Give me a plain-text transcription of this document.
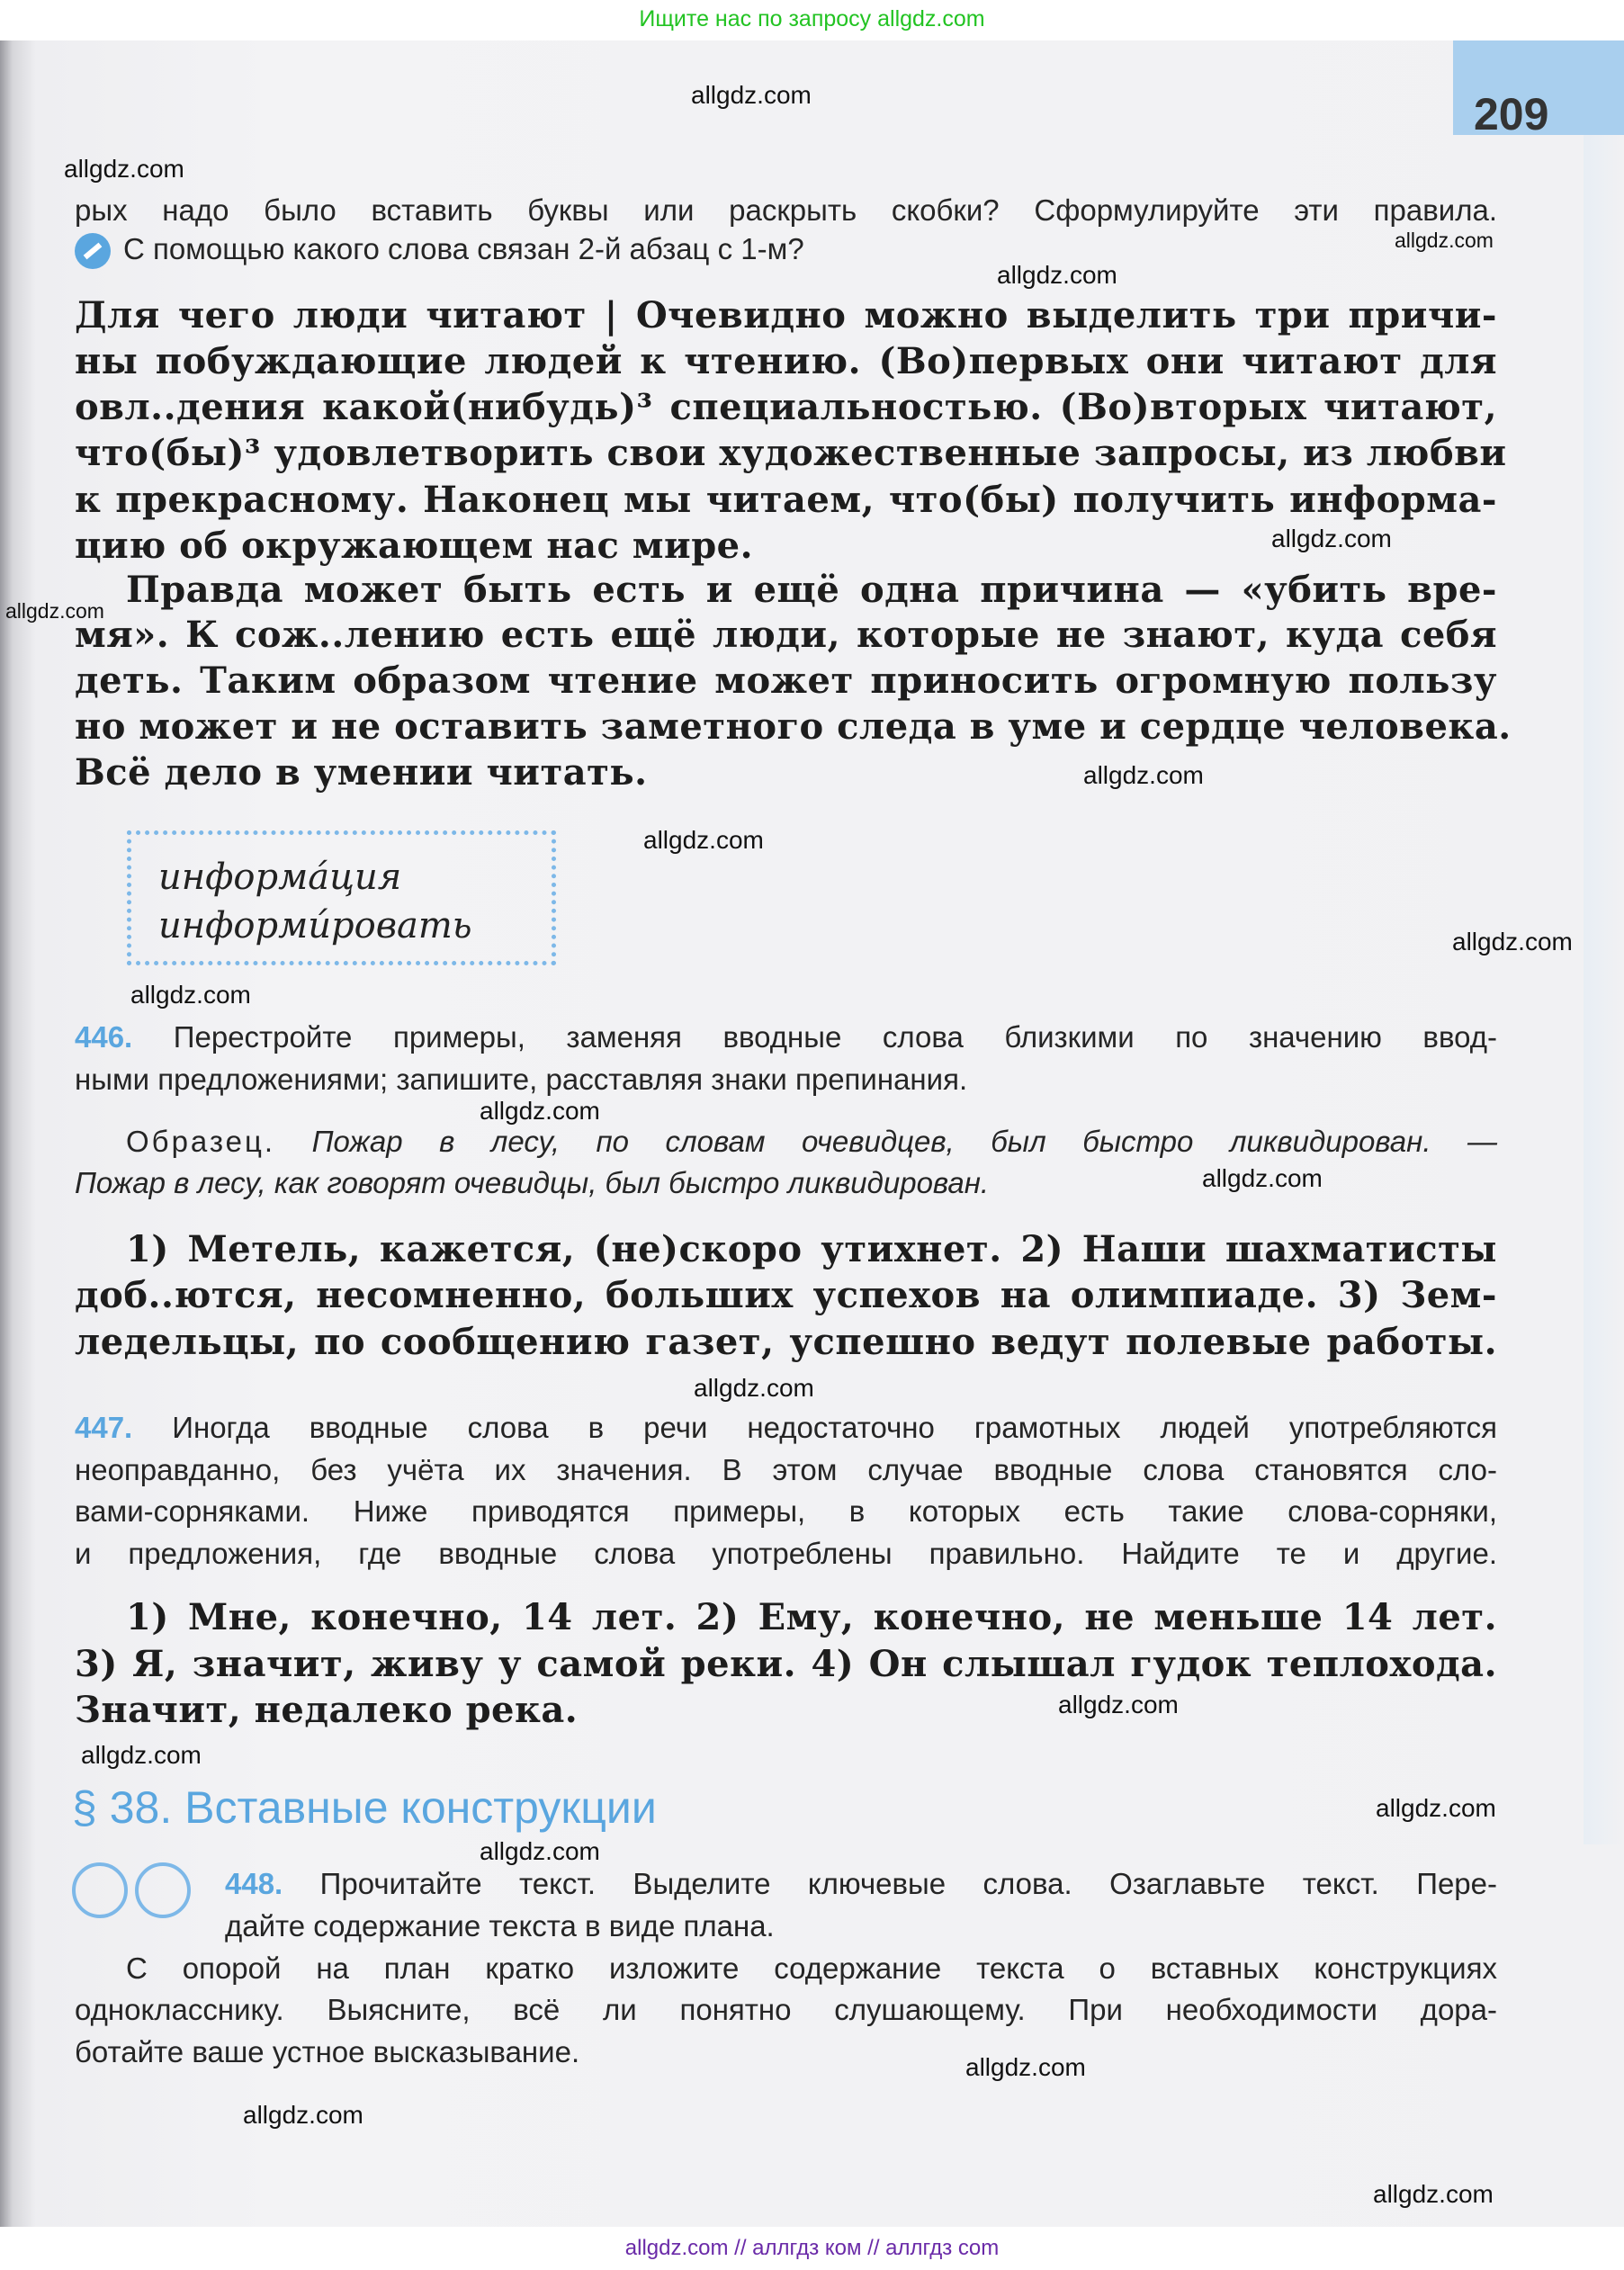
Ищите нас по запросу allgdz.com
209
рых надо было вставить буквы или раскрыть скобки? Сформулируйте эти правила.
С помощью какого слова связан 2-й абзац с 1-м?
Для чего люди читают | Очевидно можно выделить три причи-
ны побуждающие людей к чтению. (Во)первых они читают для
овл..дения какой(нибудь)³ специальностью. (Во)вторых читают,
что(бы)³ удовлетворить свои художественные запросы, из любви
к прекрасному. Наконец мы читаем, что(бы) получить информа-
цию об окружающем нас мире.
Правда может быть есть и ещё одна причина — «убить вре-
мя». К сож..лению есть ещё люди, которые не знают, куда себя
деть. Таким образом чтение может приносить огромную пользу
но может и не оставить заметного следа в уме и сердце человека.
Всё дело в умении читать.
информáция
информи́ровать
446. Перестройте примеры, заменяя вводные слова близкими по значению ввод-
ными предложениями; запишите, расставляя знаки препинания.
Образец. Пожар в лесу, по словам очевидцев, был быстро ликвидирован. —
Пожар в лесу, как говорят очевидцы, был быстро ликвидирован.
1) Метель, кажется, (не)скоро утихнет. 2) Наши шахматисты
доб..ются, несомненно, больших успехов на олимпиаде. 3) Зем-
ледельцы, по сообщению газет, успешно ведут полевые работы.
447. Иногда вводные слова в речи недостаточно грамотных людей употребляются
неоправданно, без учёта их значения. В этом случае вводные слова становятся сло-
вами-сорняками. Ниже приводятся примеры, в которых есть такие слова-сорняки,
и предложения, где вводные слова употреблены правильно. Найдите те и другие.
1) Мне, конечно, 14 лет. 2) Ему, конечно, не меньше 14 лет.
3) Я, значит, живу у самой реки. 4) Он слышал гудок теплохода.
Значит, недалеко река.
§ 38. Вставные конструкции
448. Прочитайте текст. Выделите ключевые слова. Озаглавьте текст. Пере-
дайте содержание текста в виде плана.
С опорой на план кратко изложите содержание текста о вставных конструкциях
однокласснику. Выясните, всё ли понятно слушающему. При необходимости дора-
ботайте ваше устное высказывание.
allgdz.com
allgdz.com
allgdz.com
allgdz.com
allgdz.com
allgdz.com
allgdz.com
allgdz.com
allgdz.com
allgdz.com
allgdz.com
allgdz.com
allgdz.com
allgdz.com
allgdz.com
allgdz.com
allgdz.com
allgdz.com
allgdz.com
allgdz.com
allgdz.com // аллгдз ком // аллгдз com
